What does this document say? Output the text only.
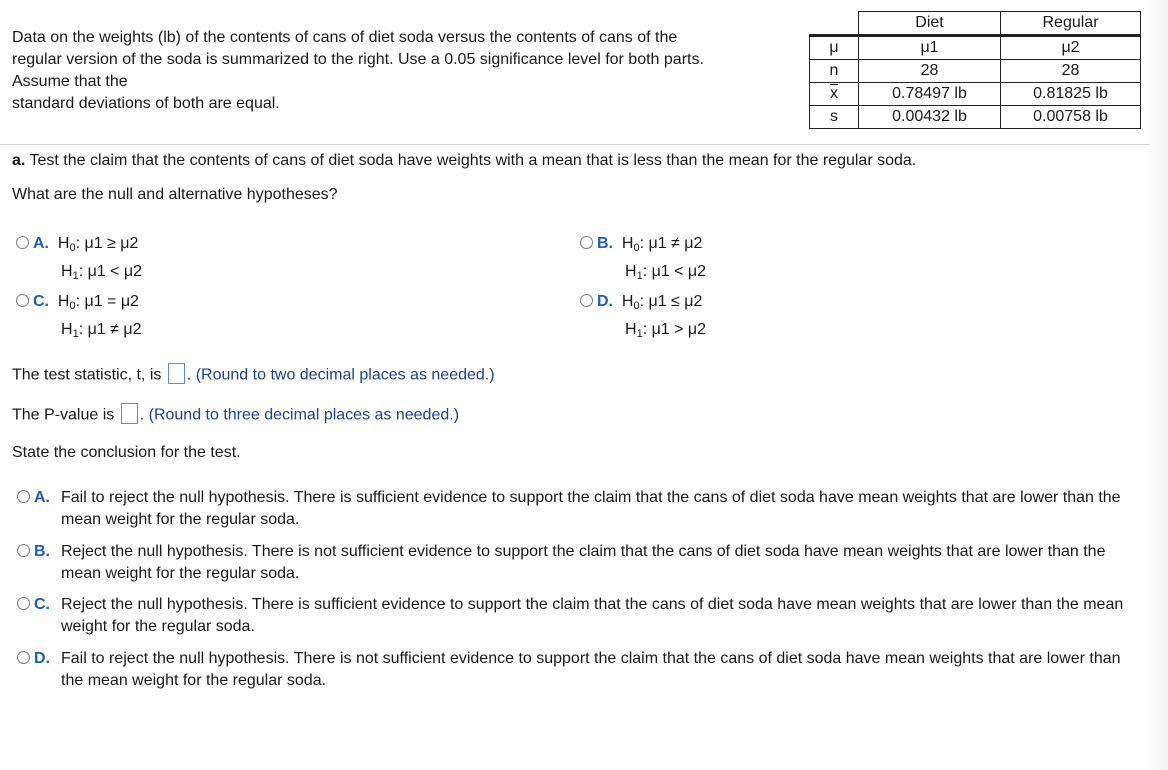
Data on the weights (lb) of the contents of cans of diet soda versus the contents of cans of the
regular version of the soda is summarized to the right. Use a 0.05 significance level for both parts.
Assume that the
standard deviations of both are equal.
	Diet	Regular
μ	μ1	μ2
n	28	28
$\overline{x}$	0.78497 lb	0.81825 lb
s	0.00432 lb	0.00758 lb

a. Test the claim that the contents of cans of diet soda have weights with a mean that is less than the mean for the regular soda.

What are the null and alternative hypotheses?

A. $H_0$: μ1 ≥ μ2
$H_1$: μ1 < μ2
B. $H_0$: μ1 ≠ μ2
$H_1$: μ1 < μ2
C. $H_0$: μ1 = μ2
$H_1$: μ1 ≠ μ2
D. $H_0$: μ1 ≤ μ2
$H_1$: μ1 > μ2

The test statistic, t, is . (Round to two decimal places as needed.)

The P-value is . (Round to three decimal places as needed.)

State the conclusion for the test.

A. Fail to reject the null hypothesis. There is sufficient evidence to support the claim that the cans of diet soda have mean weights that are lower than the mean weight for the regular soda.
B. Reject the null hypothesis. There is not sufficient evidence to support the claim that the cans of diet soda have mean weights that are lower than the mean weight for the regular soda.
C. Reject the null hypothesis. There is sufficient evidence to support the claim that the cans of diet soda have mean weights that are lower than the mean weight for the regular soda.
D. Fail to reject the null hypothesis. There is not sufficient evidence to support the claim that the cans of diet soda have mean weights that are lower than the mean weight for the regular soda.
